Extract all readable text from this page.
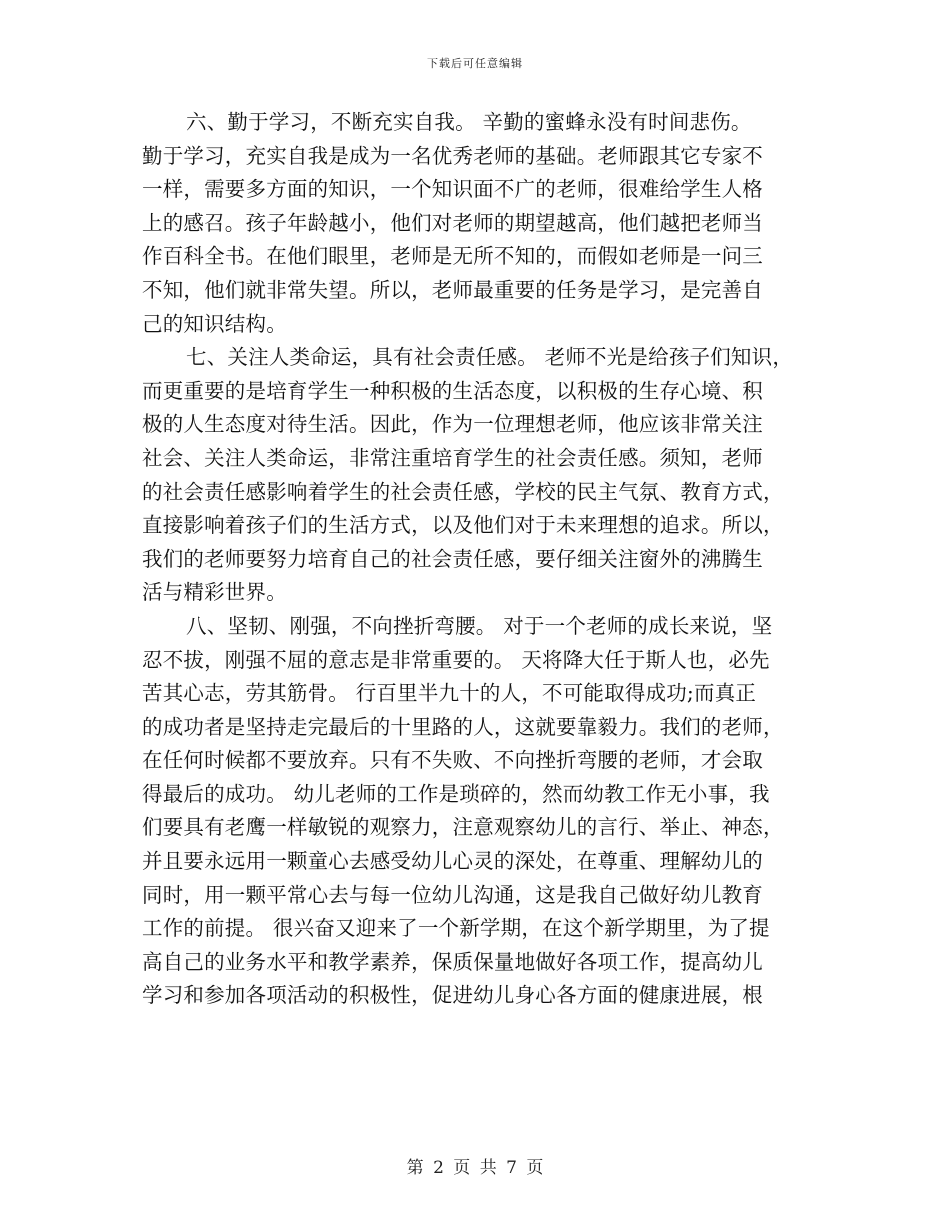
下载后可任意编辑
六、勤于学习，不断充实自我。 辛勤的蜜蜂永没有时间悲伤。
勤于学习，充实自我是成为一名优秀老师的基础。老师跟其它专家不
一样，需要多方面的知识，一个知识面不广的老师，很难给学生人格
上的感召。孩子年龄越小，他们对老师的期望越高，他们越把老师当
作百科全书。在他们眼里，老师是无所不知的，而假如老师是一问三
不知，他们就非常失望。所以，老师最重要的任务是学习，是完善自
己的知识结构。
七、关注人类命运，具有社会责任感。 老师不光是给孩子们知识，
而更重要的是培育学生一种积极的生活态度，以积极的生存心境、积
极的人生态度对待生活。因此，作为一位理想老师，他应该非常关注
社会、关注人类命运，非常注重培育学生的社会责任感。须知，老师
的社会责任感影响着学生的社会责任感，学校的民主气氛、教育方式，
直接影响着孩子们的生活方式，以及他们对于未来理想的追求。所以，
我们的老师要努力培育自己的社会责任感，要仔细关注窗外的沸腾生
活与精彩世界。
八、坚韧、刚强，不向挫折弯腰。 对于一个老师的成长来说，坚
忍不拔，刚强不屈的意志是非常重要的。 天将降大任于斯人也，必先
苦其心志，劳其筋骨。 行百里半九十的人，不可能取得成功;而真正
的成功者是坚持走完最后的十里路的人，这就要靠毅力。我们的老师，
在任何时候都不要放弃。只有不失败、不向挫折弯腰的老师，才会取
得最后的成功。 幼儿老师的工作是琐碎的，然而幼教工作无小事，我
们要具有老鹰一样敏锐的观察力，注意观察幼儿的言行、举止、神态，
并且要永远用一颗童心去感受幼儿心灵的深处，在尊重、理解幼儿的
同时，用一颗平常心去与每一位幼儿沟通，这是我自己做好幼儿教育
工作的前提。 很兴奋又迎来了一个新学期，在这个新学期里，为了提
高自己的业务水平和教学素养，保质保量地做好各项工作，提高幼儿
学习和参加各项活动的积极性，促进幼儿身心各方面的健康进展，根
第 2 页 共 7 页
